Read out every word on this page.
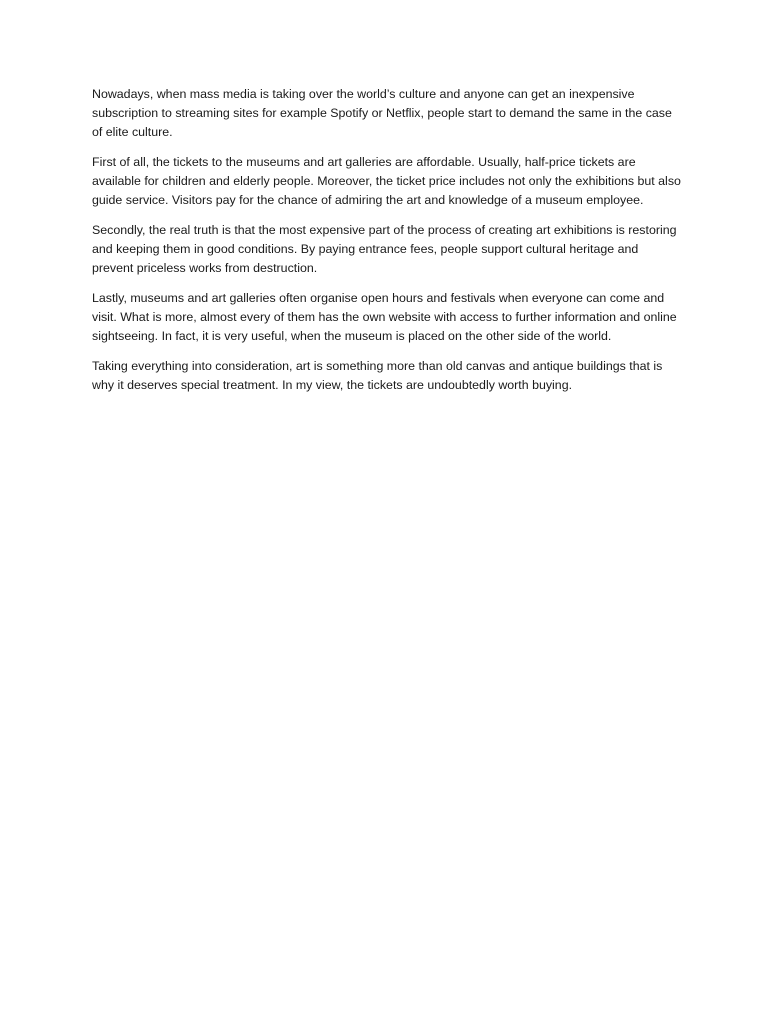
Nowadays, when mass media is taking over the world’s culture and anyone can get an inexpensive subscription to streaming sites for example Spotify or Netflix, people start to demand the same in the case of elite culture.

First of all, the tickets to the museums and art galleries are affordable. Usually, half-price tickets are available for children and elderly people. Moreover, the ticket price includes not only the exhibitions but also guide service. Visitors pay for the chance of admiring the art and knowledge of a museum employee.

Secondly, the real truth is that the most expensive part of the process of creating art exhibitions is restoring and keeping them in good conditions. By paying entrance fees, people support cultural heritage and prevent priceless works from destruction.

Lastly, museums and art galleries often organise open hours and festivals when everyone can come and visit. What is more, almost every of them has the own website with access to further information and online sightseeing. In fact, it is very useful, when the museum is placed on the other side of the world.

Taking everything into consideration, art is something more than old canvas and antique buildings that is why it deserves special treatment. In my view, the tickets are undoubtedly worth buying.
